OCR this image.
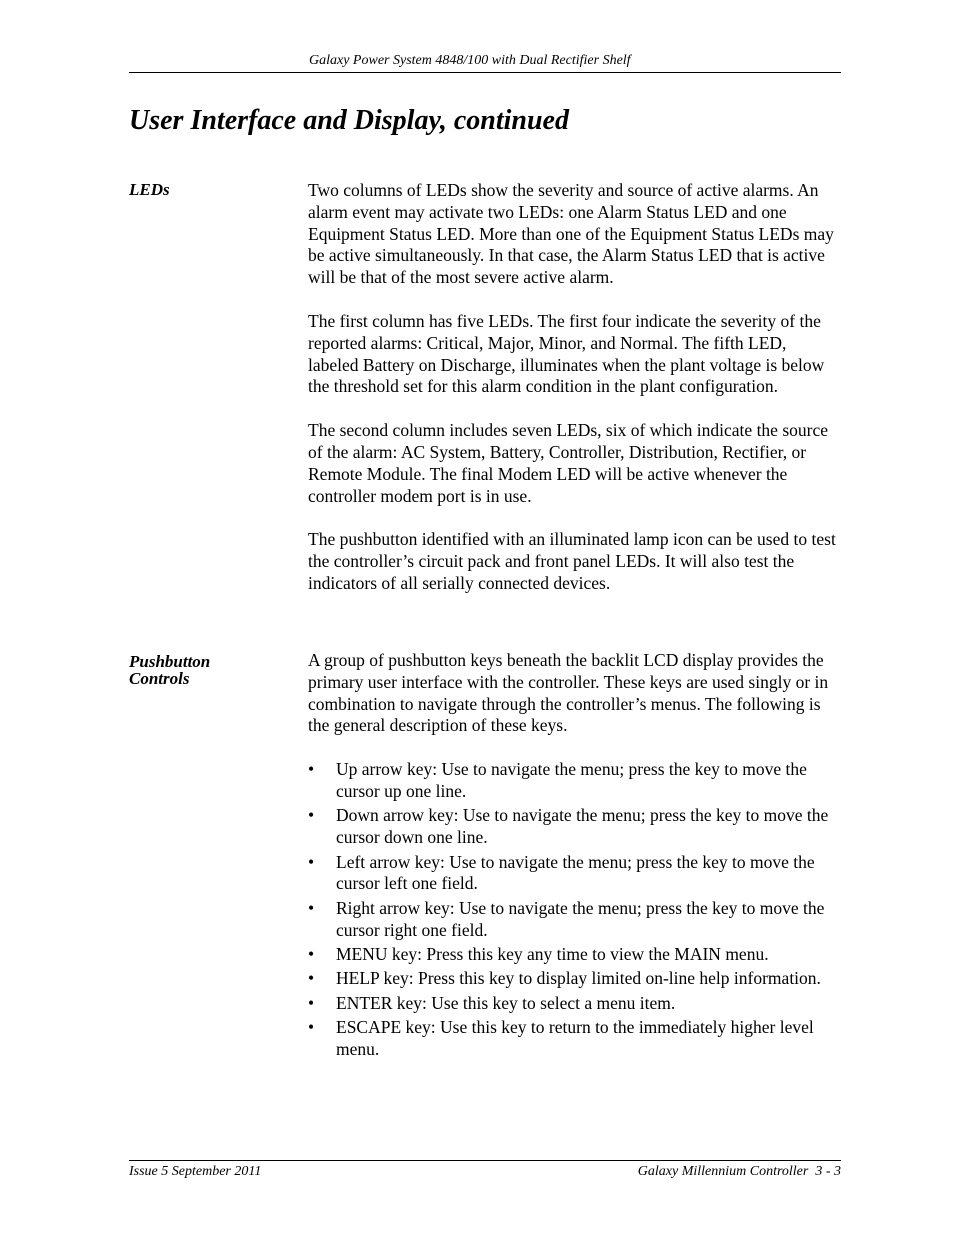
Galaxy Power System 4848/100 with Dual Rectifier Shelf
User Interface and Display, continued
LEDs	Two columns of LEDs show the severity and source of active alarms. An alarm event may activate two LEDs: one Alarm Status LED and one Equipment Status LED. More than one of the Equipment Status LEDs may be active simultaneously. In that case, the Alarm Status LED that is active will be that of the most severe active alarm.

The first column has five LEDs. The first four indicate the severity of the reported alarms: Critical, Major, Minor, and Normal. The fifth LED, labeled Battery on Discharge, illuminates when the plant voltage is below the threshold set for this alarm condition in the plant configuration.

The second column includes seven LEDs, six of which indicate the source of the alarm: AC System, Battery, Controller, Distribution, Rectifier, or Remote Module. The final Modem LED will be active whenever the controller modem port is in use.

The pushbutton identified with an illuminated lamp icon can be used to test the controller’s circuit pack and front panel LEDs. It will also test the indicators of all serially connected devices.

Pushbutton
Controls

A group of pushbutton keys beneath the backlit LCD display provides the primary user interface with the controller. These keys are used singly or in combination to navigate through the controller’s menus. The following is the general description of these keys.

• Up arrow key: Use to navigate the menu; press the key to move the cursor up one line.
• Down arrow key: Use to navigate the menu; press the key to move the cursor down one line.
• Left arrow key: Use to navigate the menu; press the key to move the cursor left one field.
• Right arrow key: Use to navigate the menu; press the key to move the cursor right one field.
• MENU key: Press this key any time to view the MAIN menu.
• HELP key: Press this key to display limited on-line help information.
• ENTER key: Use this key to select a menu item.
• ESCAPE key: Use this key to return to the immediately higher level menu.
Issue 5 September 2011	Galaxy Millennium Controller  3 - 3
